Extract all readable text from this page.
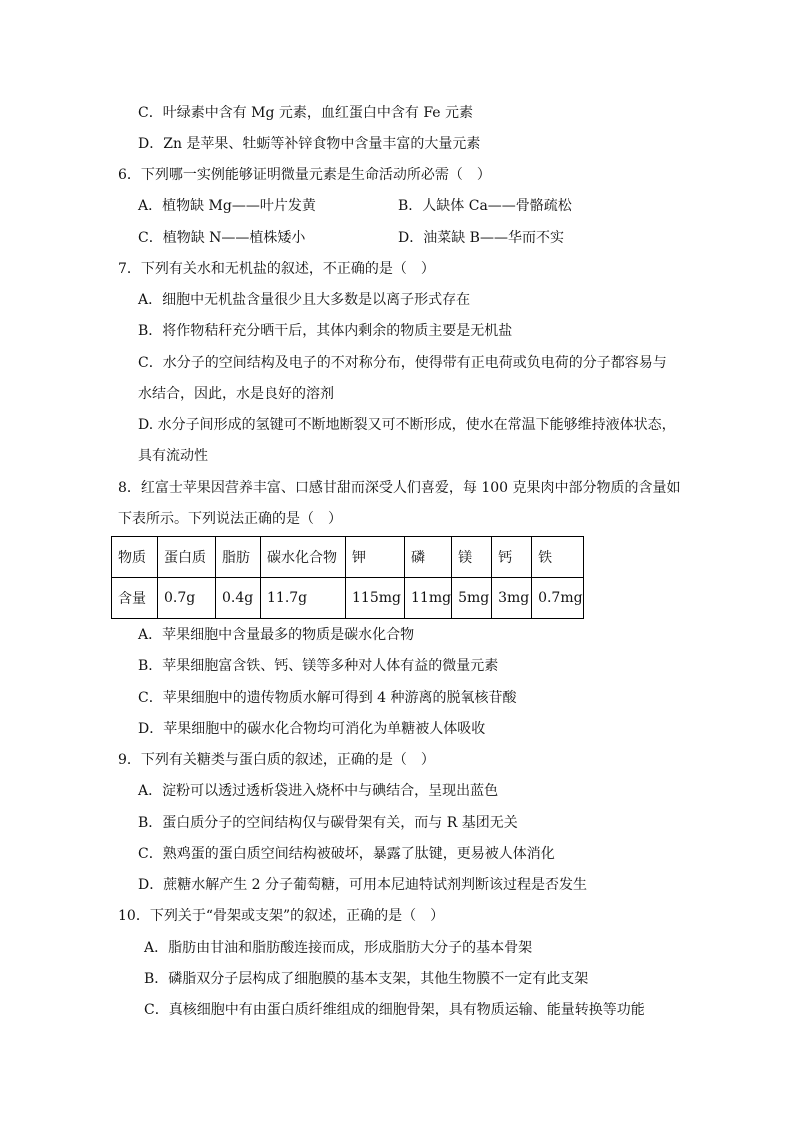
C．叶绿素中含有 Mg 元素，血红蛋白中含有 Fe 元素
D．Zn 是苹果、牡蛎等补锌食物中含量丰富的大量元素
6．下列哪一实例能够证明微量元素是生命活动所必需（　）
A．植物缺 Mg——叶片发黄	B．人缺体 Ca——骨骼疏松
C．植物缺 N——植株矮小	D．油菜缺 B——华而不实
7．下列有关水和无机盐的叙述，不正确的是（　）
A．细胞中无机盐含量很少且大多数是以离子形式存在
B．将作物秸秆充分晒干后，其体内剩余的物质主要是无机盐
C．水分子的空间结构及电子的不对称分布，使得带有正电荷或负电荷的分子都容易与
水结合，因此，水是良好的溶剂
D. 水分子间形成的氢键可不断地断裂又可不断形成，使水在常温下能够维持液体状态，
具有流动性
8．红富士苹果因营养丰富、口感甘甜而深受人们喜爱，每 100 克果肉中部分物质的含量如
下表所示。下列说法正确的是（　）
物质	蛋白质	脂肪	碳水化合物	钾	磷	镁	钙	铁
含量	0.7g	0.4g	11.7g	115mg	11mg	5mg	3mg	0.7mg
A．苹果细胞中含量最多的物质是碳水化合物
B．苹果细胞富含铁、钙、镁等多种对人体有益的微量元素
C．苹果细胞中的遗传物质水解可得到 4 种游离的脱氧核苷酸
D．苹果细胞中的碳水化合物均可消化为单糖被人体吸收
9．下列有关糖类与蛋白质的叙述，正确的是（　）
A．淀粉可以透过透析袋进入烧杯中与碘结合，呈现出蓝色
B．蛋白质分子的空间结构仅与碳骨架有关，而与 R 基团无关
C．熟鸡蛋的蛋白质空间结构被破坏，暴露了肽键，更易被人体消化
D．蔗糖水解产生 2 分子葡萄糖，可用本尼迪特试剂判断该过程是否发生
10．下列关于“骨架或支架”的叙述，正确的是（　）
A．脂肪由甘油和脂肪酸连接而成，形成脂肪大分子的基本骨架
B．磷脂双分子层构成了细胞膜的基本支架，其他生物膜不一定有此支架
C．真核细胞中有由蛋白质纤维组成的细胞骨架，具有物质运输、能量转换等功能
